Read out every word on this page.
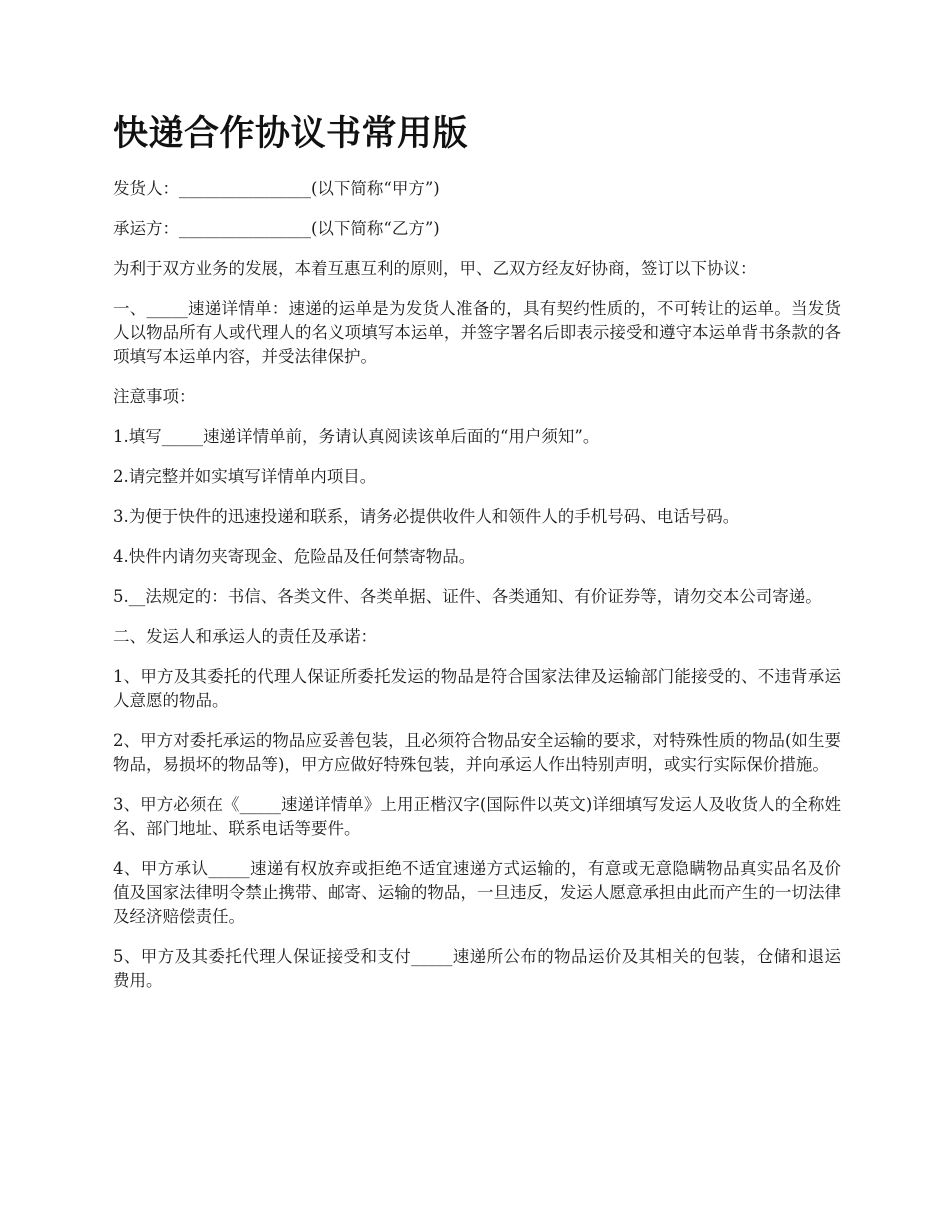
快递合作协议书常用版

发货人：________________(以下简称“甲方”)

承运方：________________(以下简称“乙方”)

为利于双方业务的发展，本着互惠互利的原则，甲、乙双方经友好协商，签订以下协议：

一、_____速递详情单：速递的运单是为发货人准备的，具有契约性质的，不可转让的运单。当发货人以物品所有人或代理人的名义项填写本运单，并签字署名后即表示接受和遵守本运单背书条款的各项填写本运单内容，并受法律保护。

注意事项：

1.填写_____速递详情单前，务请认真阅读该单后面的“用户须知”。

2.请完整并如实填写详情单内项目。

3.为便于快件的迅速投递和联系，请务必提供收件人和领件人的手机号码、电话号码。

4.快件内请勿夹寄现金、危险品及任何禁寄物品。

5.__法规定的：书信、各类文件、各类单据、证件、各类通知、有价证券等，请勿交本公司寄递。

二、发运人和承运人的责任及承诺：

1、甲方及其委托的代理人保证所委托发运的物品是符合国家法律及运输部门能接受的、不违背承运人意愿的物品。

2、甲方对委托承运的物品应妥善包装，且必须符合物品安全运输的要求，对特殊性质的物品(如生要物品，易损坏的物品等)，甲方应做好特殊包装，并向承运人作出特别声明，或实行实际保价措施。

3、甲方必须在《_____速递详情单》上用正楷汉字(国际件以英文)详细填写发运人及收货人的全称姓名、部门地址、联系电话等要件。

4、甲方承认_____速递有权放弃或拒绝不适宜速递方式运输的，有意或无意隐瞒物品真实品名及价值及国家法律明令禁止携带、邮寄、运输的物品，一旦违反，发运人愿意承担由此而产生的一切法律及经济赔偿责任。

5、甲方及其委托代理人保证接受和支付_____速递所公布的物品运价及其相关的包装，仓储和退运费用。
